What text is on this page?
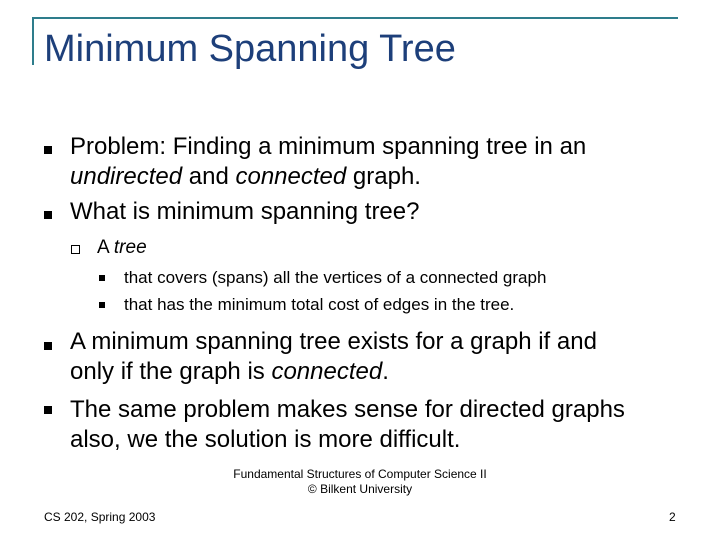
Minimum Spanning Tree
Problem: Finding a minimum spanning tree in an
undirected and connected graph.
What is minimum spanning tree?
A tree
that covers (spans) all the vertices of a connected graph
that has the minimum total cost of edges in the tree.
A minimum spanning tree exists for a graph if and
only if the graph is connected.
The same problem makes sense for directed graphs
also, we the solution is more difficult.
CS 202, Spring 2003
Fundamental Structures of Computer Science II
© Bilkent University
2
